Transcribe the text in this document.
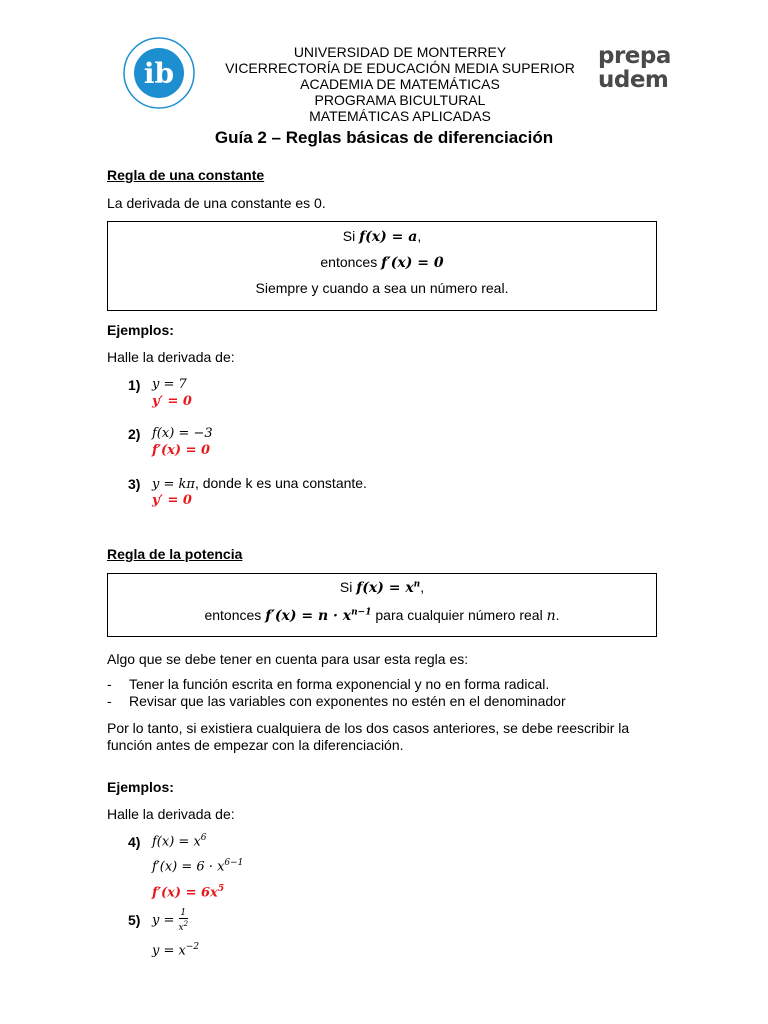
ib
UNIVERSIDAD DE MONTERREY
VICERRECTORÍA DE EDUCACIÓN MEDIA SUPERIOR
ACADEMIA DE MATEMÁTICAS
PROGRAMA BICULTURAL
MATEMÁTICAS APLICADAS
prepa
udem
Guía 2 – Reglas básicas de diferenciación
Regla de una constante
La derivada de una constante es 0.
Si f(x) = a,
entonces f′(x) = 0
Siempre y cuando a sea un número real.
Ejemplos:
Halle la derivada de:
1) y = 7
y′ = 0
2) f(x) = −3
f′(x) = 0
3) y = kπ, donde k es una constante.
y′ = 0
Regla de la potencia
Si $f(x) = x^n$,
entonces $f'(x) = n \cdot x^{n-1}$ para cualquier número real n.
Algo que se debe tener en cuenta para usar esta regla es:
- Tener la función escrita en forma exponencial y no en forma radical.
- Revisar que las variables con exponentes no estén en el denominador
Por lo tanto, si existiera cualquiera de los dos casos anteriores, se debe reescribir la
función antes de empezar con la diferenciación.
Ejemplos:
Halle la derivada de:
4) $f(x) = x^6$
$f'(x) = 6 \cdot x^{6-1}$
$f'(x) = 6x^5$
5) $y = \frac{1}{x^2}$
$y = x^{-2}$
